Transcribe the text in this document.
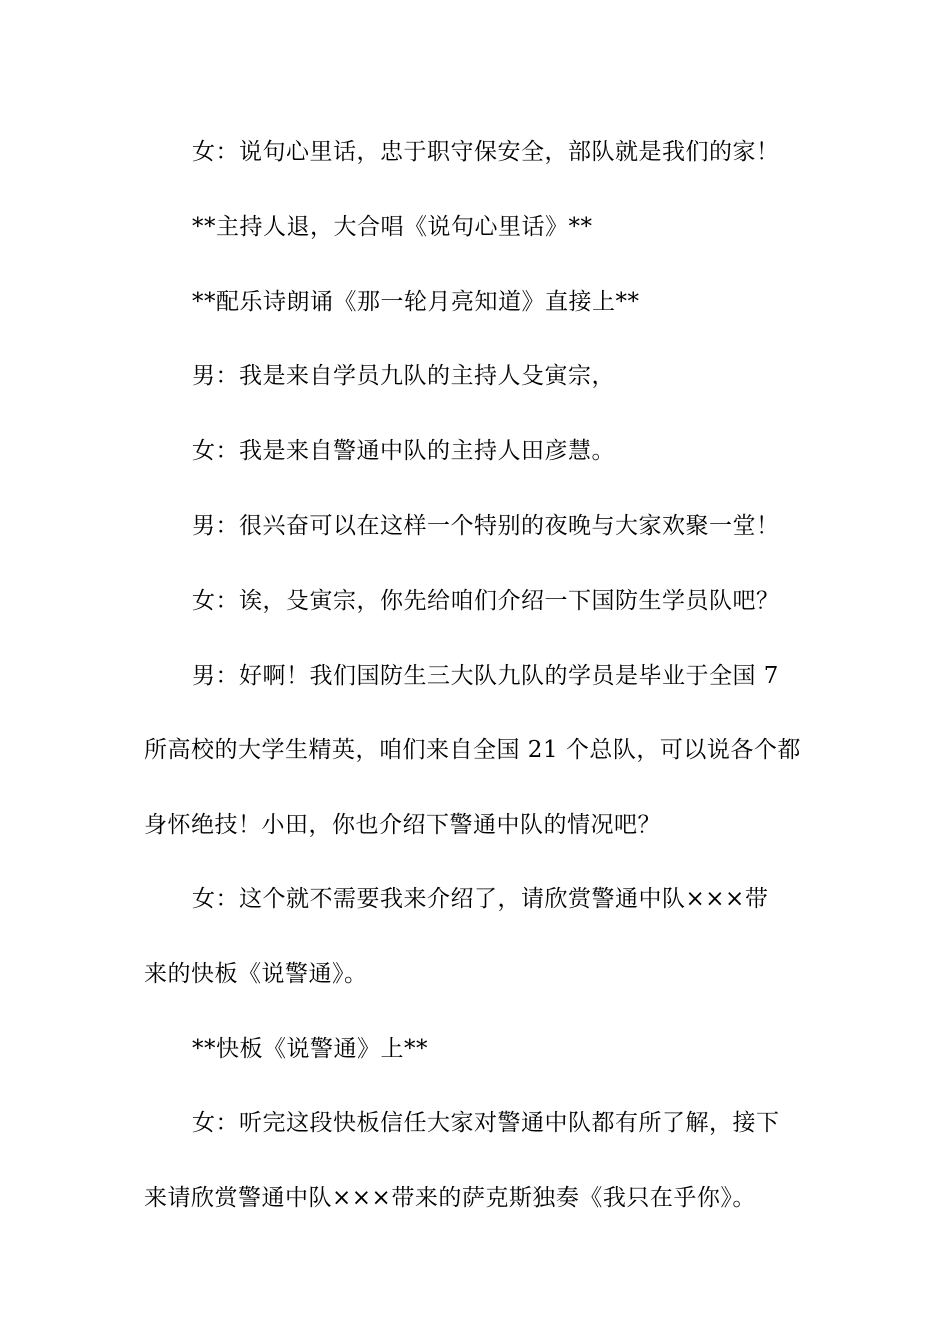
女：说句心里话，忠于职守保安全，部队就是我们的家！
**主持人退，大合唱《说句心里话》**
**配乐诗朗诵《那一轮月亮知道》直接上**
男：我是来自学员九队的主持人殳寅宗，
女：我是来自警通中队的主持人田彦慧。
男：很兴奋可以在这样一个特别的夜晚与大家欢聚一堂！
女：诶，殳寅宗，你先给咱们介绍一下国防生学员队吧？
男：好啊！我们国防生三大队九队的学员是毕业于全国 7
所高校的大学生精英，咱们来自全国 21 个总队，可以说各个都
身怀绝技！小田，你也介绍下警通中队的情况吧？
女：这个就不需要我来介绍了，请欣赏警通中队×××带
来的快板《说警通》。
**快板《说警通》上**
女：听完这段快板信任大家对警通中队都有所了解，接下
来请欣赏警通中队×××带来的萨克斯独奏《我只在乎你》。
